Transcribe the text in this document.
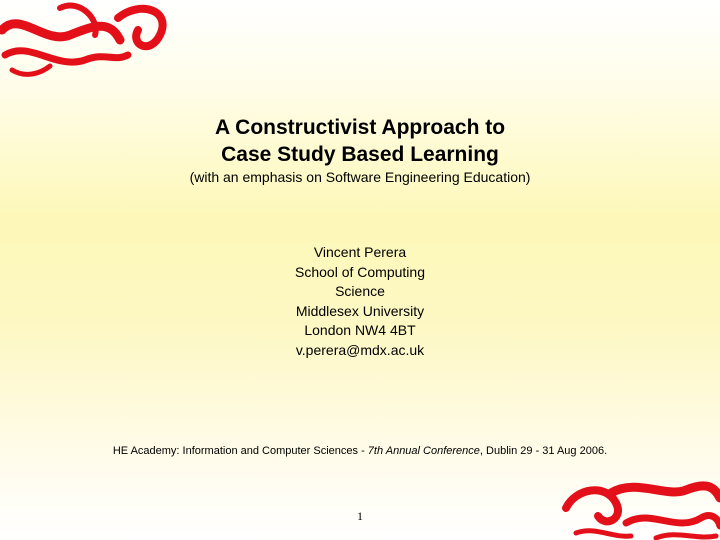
A Constructivist Approach to
Case Study Based Learning
(with an emphasis on Software Engineering Education)
Vincent Perera
School of Computing
Science
Middlesex University
London NW4 4BT
v.perera@mdx.ac.uk
HE Academy: Information and Computer Sciences - 7th Annual Conference, Dublin 29 - 31 Aug 2006.
1
